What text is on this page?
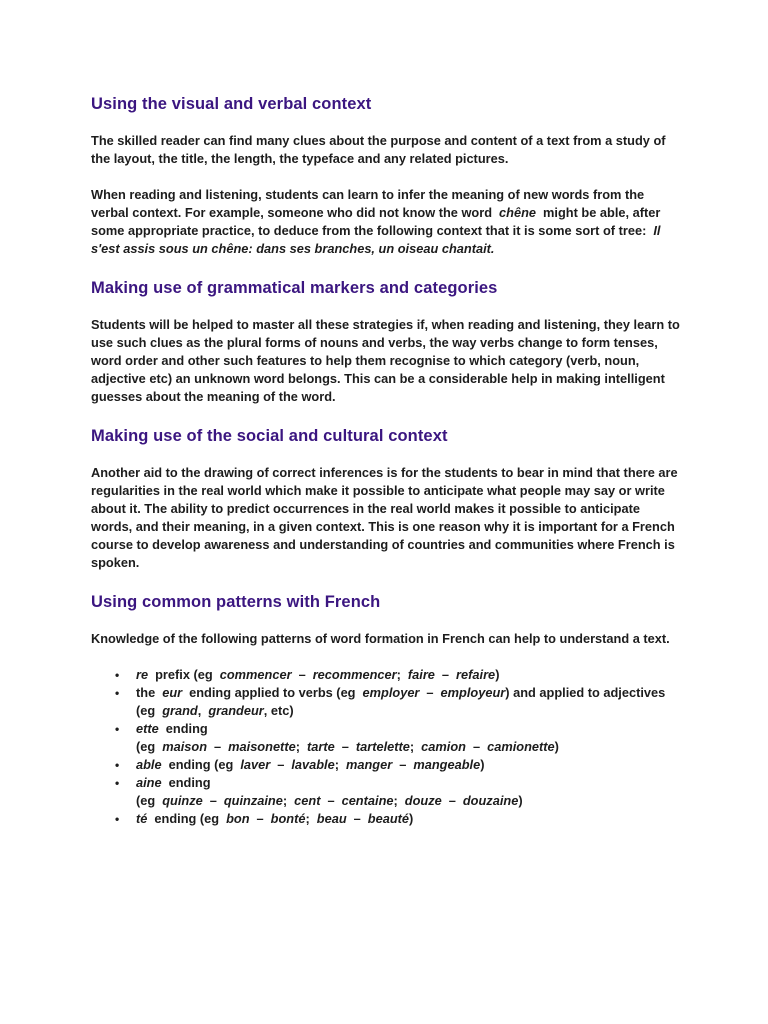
Using the visual and verbal context

The skilled reader can find many clues about the purpose and content of a text from a study of the layout, the title, the length, the typeface and any related pictures.

When reading and listening, students can learn to infer the meaning of new words from the verbal context. For example, someone who did not know the word chêne might be able, after some appropriate practice, to deduce from the following context that it is some sort of tree: Il s'est assis sous un chêne: dans ses branches, un oiseau chantait.

Making use of grammatical markers and categories

Students will be helped to master all these strategies if, when reading and listening, they learn to use such clues as the plural forms of nouns and verbs, the way verbs change to form tenses, word order and other such features to help them recognise to which category (verb, noun, adjective etc) an unknown word belongs. This can be a considerable help in making intelligent guesses about the meaning of the word.

Making use of the social and cultural context

Another aid to the drawing of correct inferences is for the students to bear in mind that there are regularities in the real world which make it possible to anticipate what people may say or write about it. The ability to predict occurrences in the real world makes it possible to anticipate words, and their meaning, in a given context. This is one reason why it is important for a French course to develop awareness and understanding of countries and communities where French is spoken.

Using common patterns with French

Knowledge of the following patterns of word formation in French can help to understand a text.

• re prefix (eg commencer – recommencer; faire – refaire)
• the eur ending applied to verbs (eg employer – employeur) and applied to adjectives (eg grand, grandeur, etc)
• ette ending
(eg maison – maisonette; tarte – tartelette; camion – camionette)
• able ending (eg laver – lavable; manger – mangeable)
• aine ending
(eg quinze – quinzaine; cent – centaine; douze – douzaine)
• té ending (eg bon – bonté; beau – beauté)
